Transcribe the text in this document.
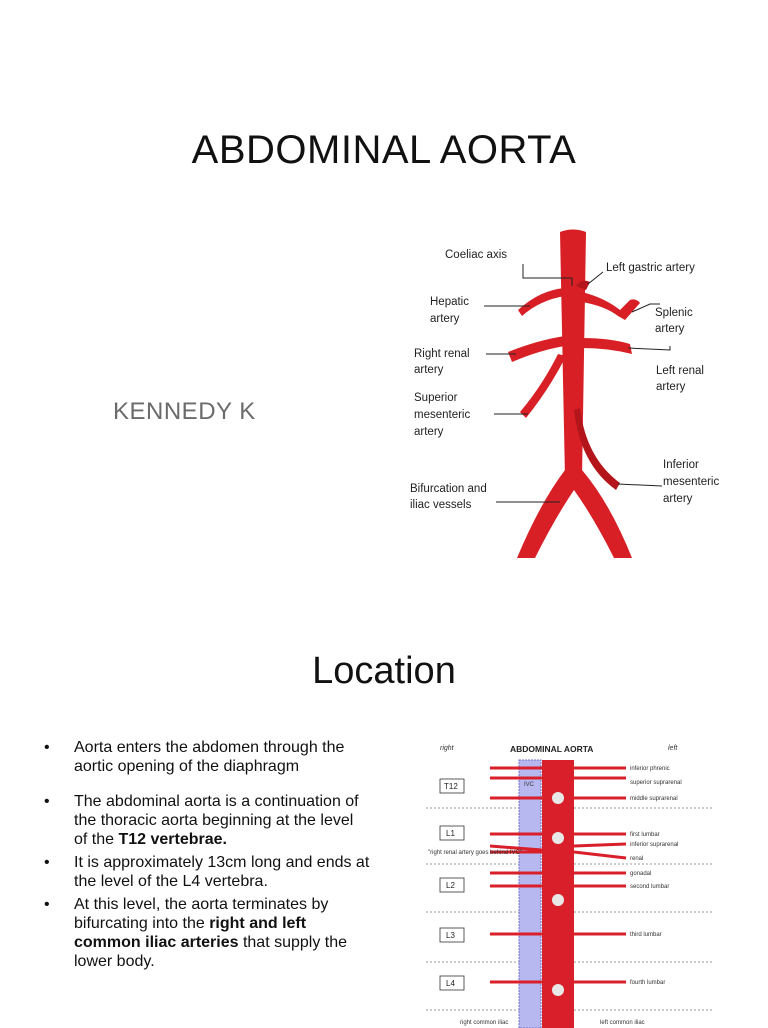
ABDOMINAL AORTA
KENNEDY K
Coeliac axis
Left gastric artery
Hepatic
artery	Splenic
artery
Right renal
artery	Left renal
artery
Superior
mesenteric
artery
Inferior
mesenteric
artery
Bifurcation and
iliac vessels
Location
• Aorta enters the abdomen through the aortic opening of the diaphragm
• The abdominal aorta is a continuation of the thoracic aorta beginning at the level of the T12 vertebrae.
• It is approximately 13cm long and ends at the level of the L4 vertebra.
• At this level, the aorta terminates by bifurcating into the right and left common iliac arteries that supply the lower body.
right	ABDOMINAL AORTA	left
IVC
T12
L1
L2
L3
L4
"right renal artery goes behind IVC"
inferior phrenic
superior suprarenal
middle suprarenal
first lumbar
inferior suprarenal
renal
gonadal
second lumbar
third lumbar
fourth lumbar
right common iliac	left common iliac
